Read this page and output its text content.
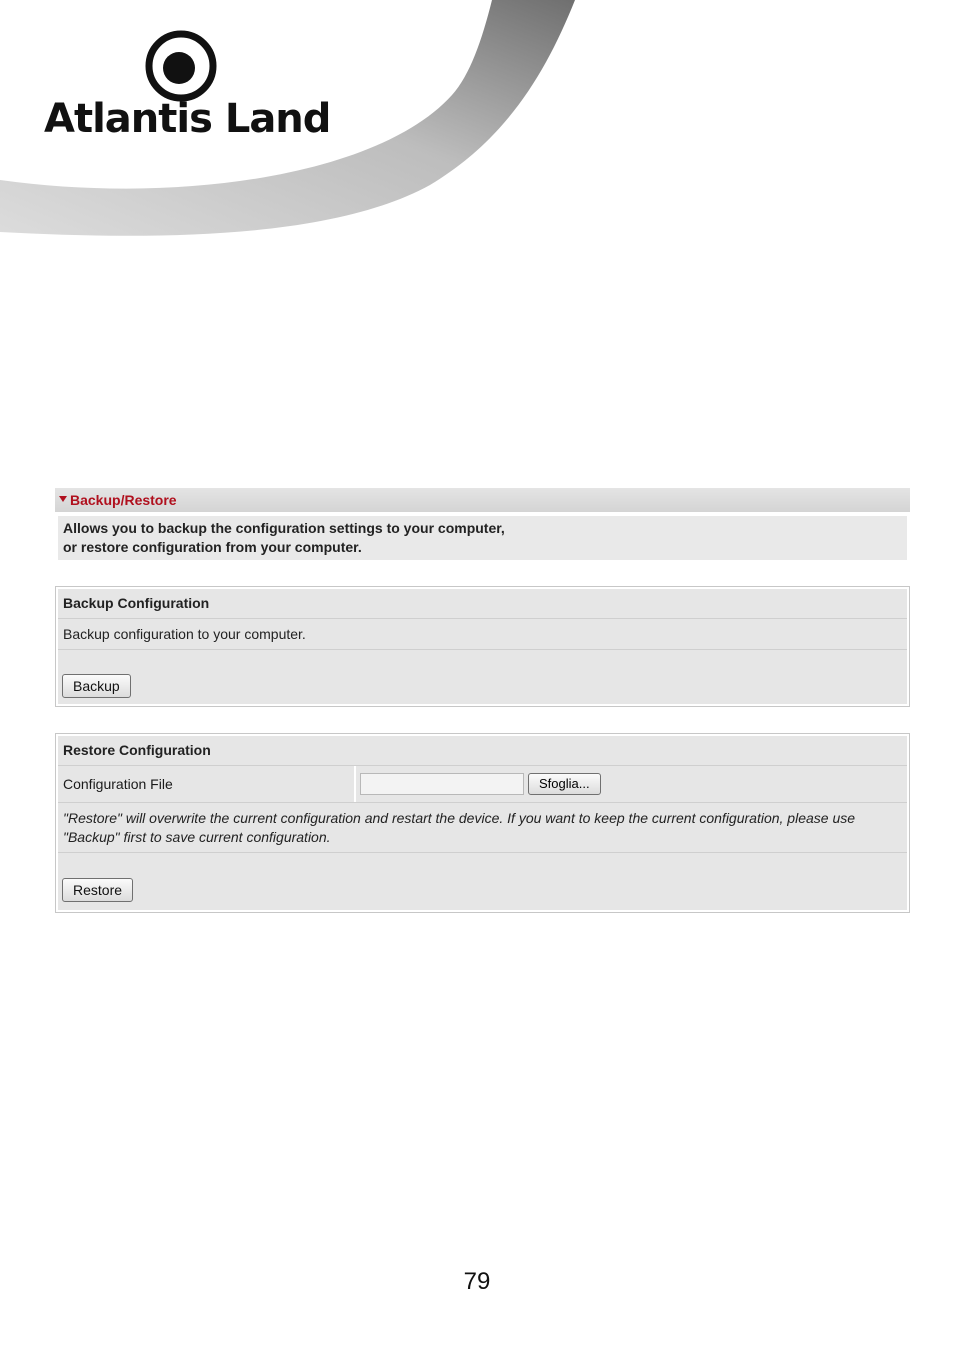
Atlantis Land
Backup/Restore
Allows you to backup the configuration settings to your computer,
or restore configuration from your computer.
Backup Configuration
Backup configuration to your computer.
Backup
Restore Configuration
Configuration File	Sfoglia...
"Restore" will overwrite the current configuration and restart the device. If you want to keep the current configuration, please use "Backup" first to save current configuration.
Restore
79
